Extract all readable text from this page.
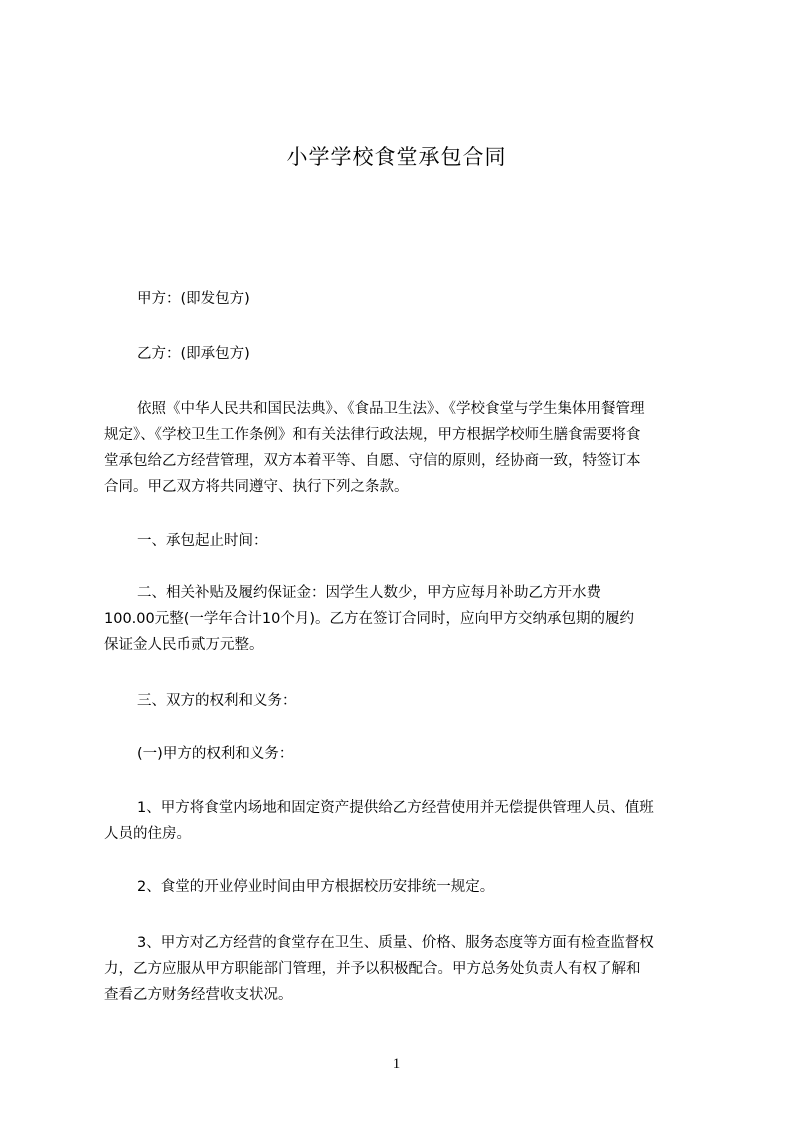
小学学校食堂承包合同
甲方：(即发包方)
乙方：(即承包方)
依照《中华人民共和国民法典》、《食品卫生法》、《学校食堂与学生集体用餐管理
规定》、《学校卫生工作条例》和有关法律行政法规，甲方根据学校师生膳食需要将食
堂承包给乙方经营管理，双方本着平等、自愿、守信的原则，经协商一致，特签订本
合同。甲乙双方将共同遵守、执行下列之条款。
一、承包起止时间：
二、相关补贴及履约保证金：因学生人数少，甲方应每月补助乙方开水费
100.00元整(一学年合计10个月)。乙方在签订合同时，应向甲方交纳承包期的履约
保证金人民币贰万元整。
三、双方的权利和义务：
(一)甲方的权利和义务：
1、甲方将食堂内场地和固定资产提供给乙方经营使用并无偿提供管理人员、值班
人员的住房。
2、食堂的开业停业时间由甲方根据校历安排统一规定。
3、甲方对乙方经营的食堂存在卫生、质量、价格、服务态度等方面有检查监督权
力，乙方应服从甲方职能部门管理，并予以积极配合。甲方总务处负责人有权了解和
查看乙方财务经营收支状况。
1
